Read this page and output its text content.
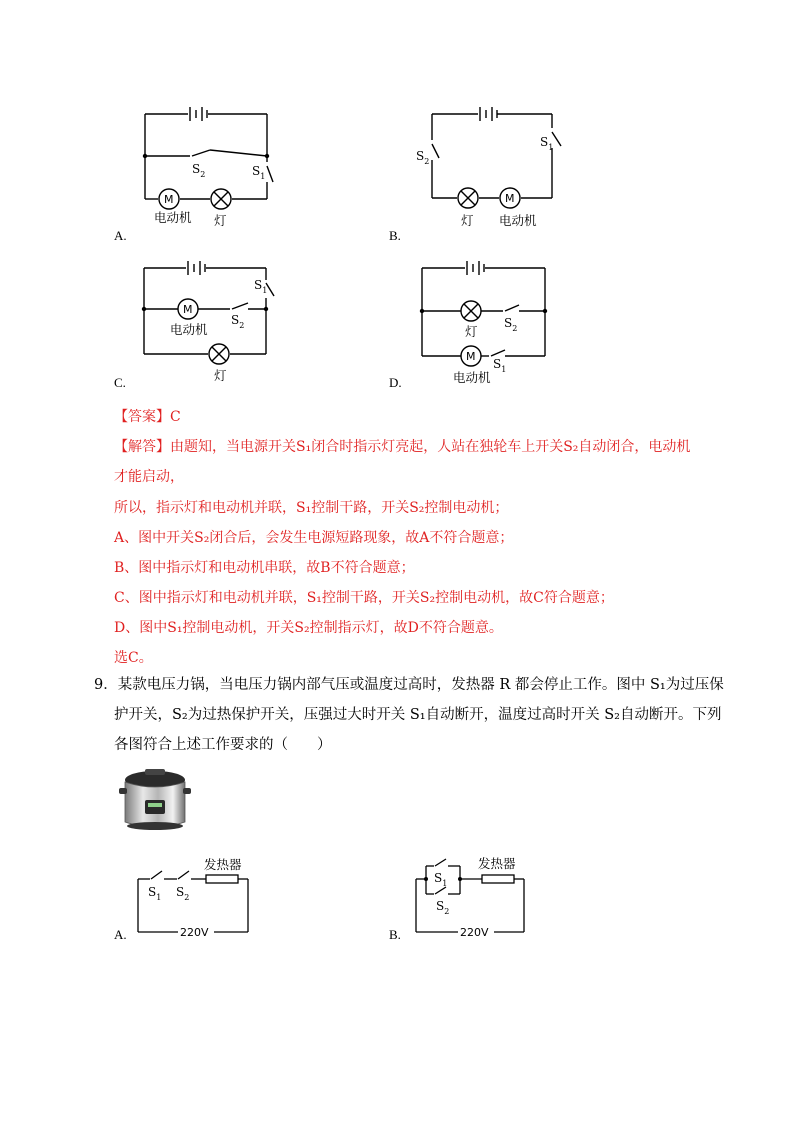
$S_2$	$S_1$
M
电动机 灯
A.
$S_2$
$S_1$
M
灯 电动机
B.
$S_1$
$S_2$
M
电动机
灯
C.
$S_2$
$S_1$
M
灯
电动机
D.
【答案】C
【解答】由题知，当电源开关S₁闭合时指示灯亮起，人站在独轮车上开关S₂自动闭合，电动机
才能启动，
所以，指示灯和电动机并联，S₁控制干路，开关S₂控制电动机；
A、图中开关S₂闭合后，会发生电源短路现象，故A不符合题意；
B、图中指示灯和电动机串联，故B不符合题意；
C、图中指示灯和电动机并联，S₁控制干路，开关S₂控制电动机，故C符合题意；
D、图中S₁控制电动机，开关S₂控制指示灯，故D不符合题意。
选C。
9．某款电压力锅，当电压力锅内部气压或温度过高时，发热器 R 都会停止工作。图中 S₁为过压保
护开关，S₂为过热保护开关，压强过大时开关 S₁自动断开，温度过高时开关 S₂自动断开。下列
各图符合上述工作要求的（　　）
$S_1$ $S_2$
发热器
220V
A.
$S_1$
$S_2$
发热器
220V
B.
